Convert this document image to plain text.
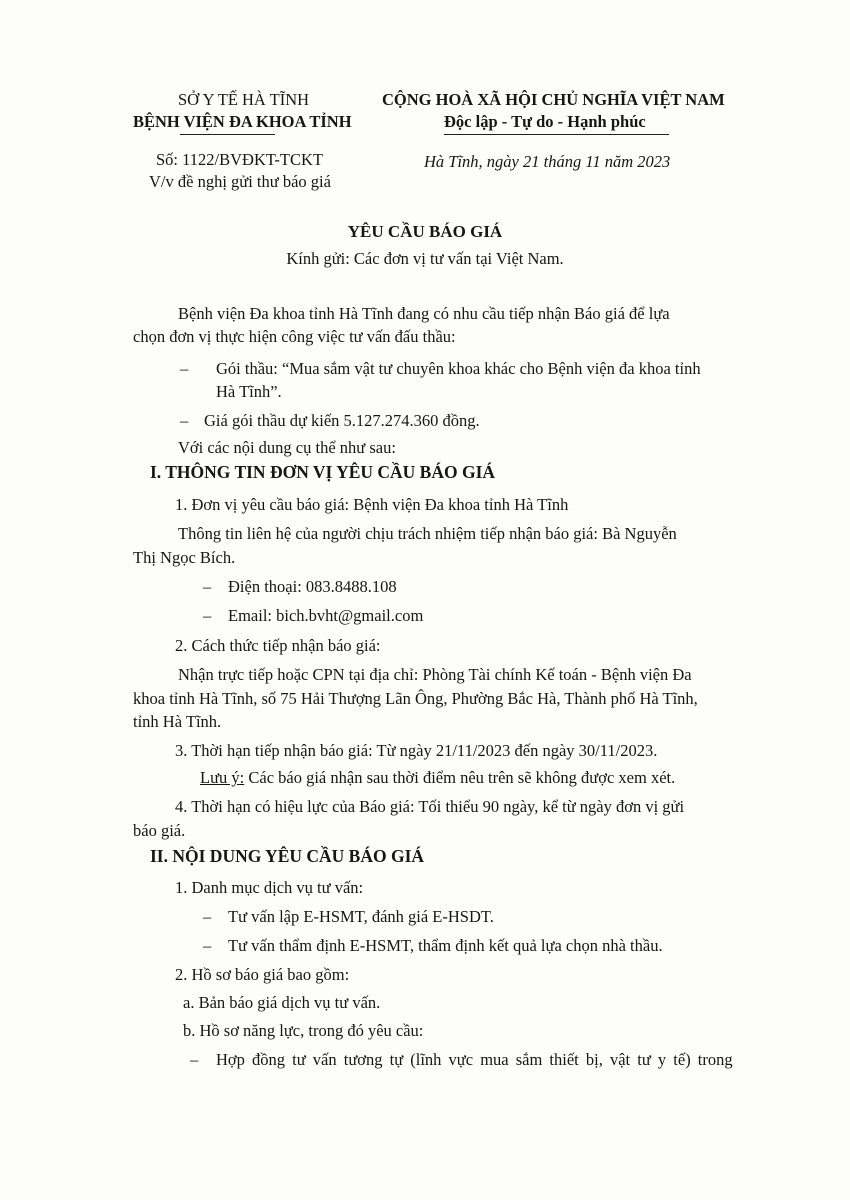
SỞ Y TẾ HÀ TĨNH
BỆNH VIỆN ĐA KHOA TỈNH
CỘNG HOÀ XÃ HỘI CHỦ NGHĨA VIỆT NAM
Độc lập - Tự do - Hạnh phúc
Số: 1122/BVĐKT-TCKT
V/v đề nghị gửi thư báo giá
Hà Tĩnh, ngày 21 tháng 11 năm 2023
YÊU CẦU BÁO GIÁ
Kính gửi: Các đơn vị tư vấn tại Việt Nam.
Bệnh viện Đa khoa tỉnh Hà Tĩnh đang có nhu cầu tiếp nhận Báo giá để lựa
chọn đơn vị thực hiện công việc tư vấn đấu thầu:
– Gói thầu: “Mua sắm vật tư chuyên khoa khác cho Bệnh viện đa khoa tỉnh
Hà Tĩnh”.
– Giá gói thầu dự kiến 5.127.274.360 đồng.
Với các nội dung cụ thể như sau:
I. THÔNG TIN ĐƠN VỊ YÊU CẦU BÁO GIÁ
1. Đơn vị yêu cầu báo giá: Bệnh viện Đa khoa tỉnh Hà Tĩnh
Thông tin liên hệ của người chịu trách nhiệm tiếp nhận báo giá: Bà Nguyễn
Thị Ngọc Bích.
– Điện thoại: 083.8488.108
– Email: bich.bvht@gmail.com
2. Cách thức tiếp nhận báo giá:
Nhận trực tiếp hoặc CPN tại địa chỉ: Phòng Tài chính Kế toán - Bệnh viện Đa
khoa tỉnh Hà Tĩnh, số 75 Hải Thượng Lãn Ông, Phường Bắc Hà, Thành phố Hà Tĩnh,
tỉnh Hà Tĩnh.
3. Thời hạn tiếp nhận báo giá: Từ ngày 21/11/2023 đến ngày 30/11/2023.
Lưu ý: Các báo giá nhận sau thời điểm nêu trên sẽ không được xem xét.
4. Thời hạn có hiệu lực của Báo giá: Tối thiểu 90 ngày, kể từ ngày đơn vị gửi
báo giá.
II. NỘI DUNG YÊU CẦU BÁO GIÁ
1. Danh mục dịch vụ tư vấn:
– Tư vấn lập E-HSMT, đánh giá E-HSDT.
– Tư vấn thẩm định E-HSMT, thẩm định kết quả lựa chọn nhà thầu.
2. Hồ sơ báo giá bao gồm:
a. Bản báo giá dịch vụ tư vấn.
b. Hồ sơ năng lực, trong đó yêu cầu:
– Hợp đồng tư vấn tương tự (lĩnh vực mua sắm thiết bị, vật tư y tế) trong
